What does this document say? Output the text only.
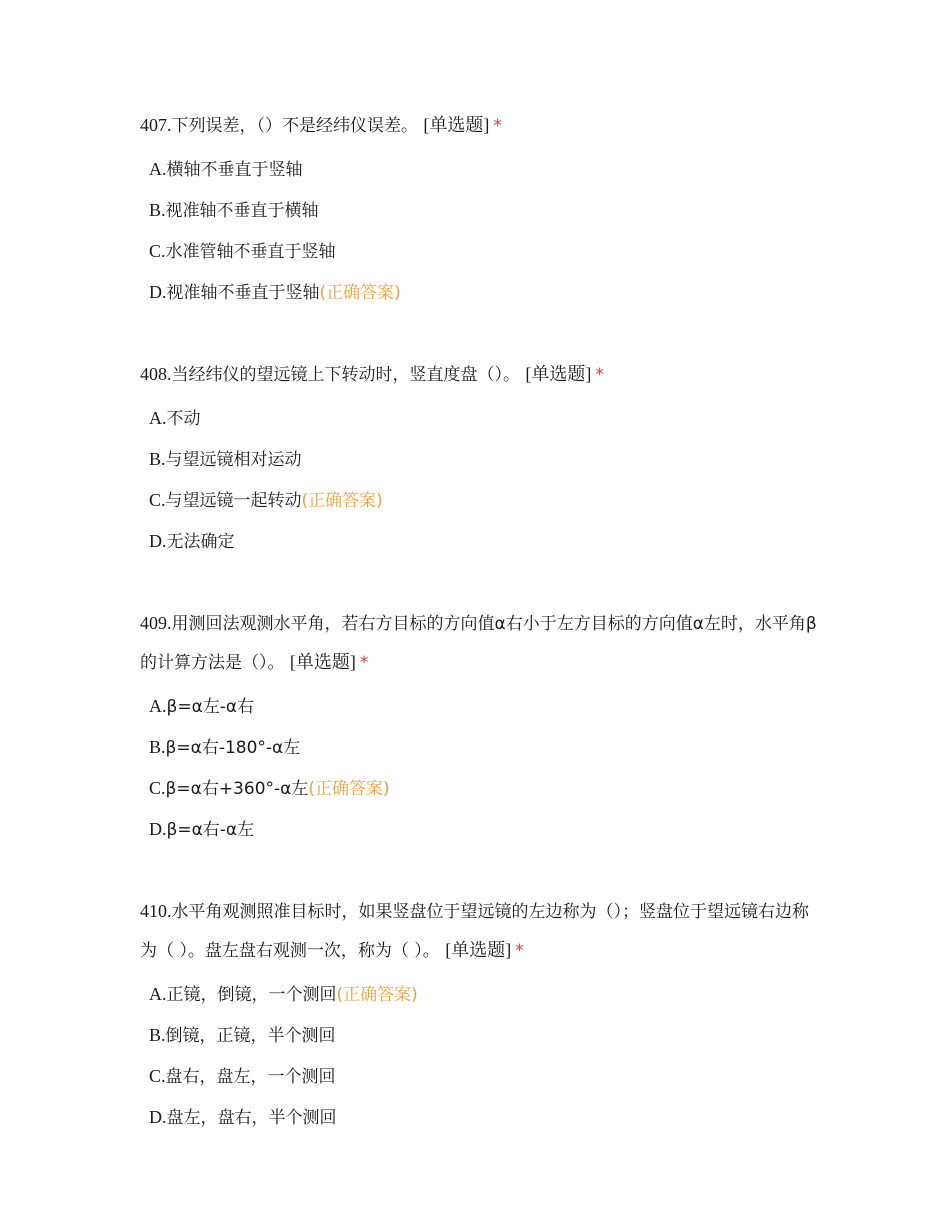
407.下列误差，（）不是经纬仪误差。 [单选题] *

A.横轴不垂直于竖轴
B.视准轴不垂直于横轴
C.水准管轴不垂直于竖轴
D.视准轴不垂直于竖轴(正确答案)

408.当经纬仪的望远镜上下转动时，竖直度盘（）。 [单选题] *

A.不动
B.与望远镜相对运动
C.与望远镜一起转动(正确答案)
D.无法确定

409.用测回法观测水平角，若右方目标的方向值α右小于左方目标的方向值α左时，水平角β的计算方法是（）。 [单选题] *

A.β=α左-α右
B.β=α右-180°-α左
C.β=α右+360°-α左(正确答案)
D.β=α右-α左

410.水平角观测照准目标时，如果竖盘位于望远镜的左边称为（）；竖盘位于望远镜右边称为（ ）。盘左盘右观测一次，称为（ ）。 [单选题] *

A.正镜，倒镜，一个测回(正确答案)
B.倒镜，正镜，半个测回
C.盘右，盘左，一个测回
D.盘左，盘右，半个测回
